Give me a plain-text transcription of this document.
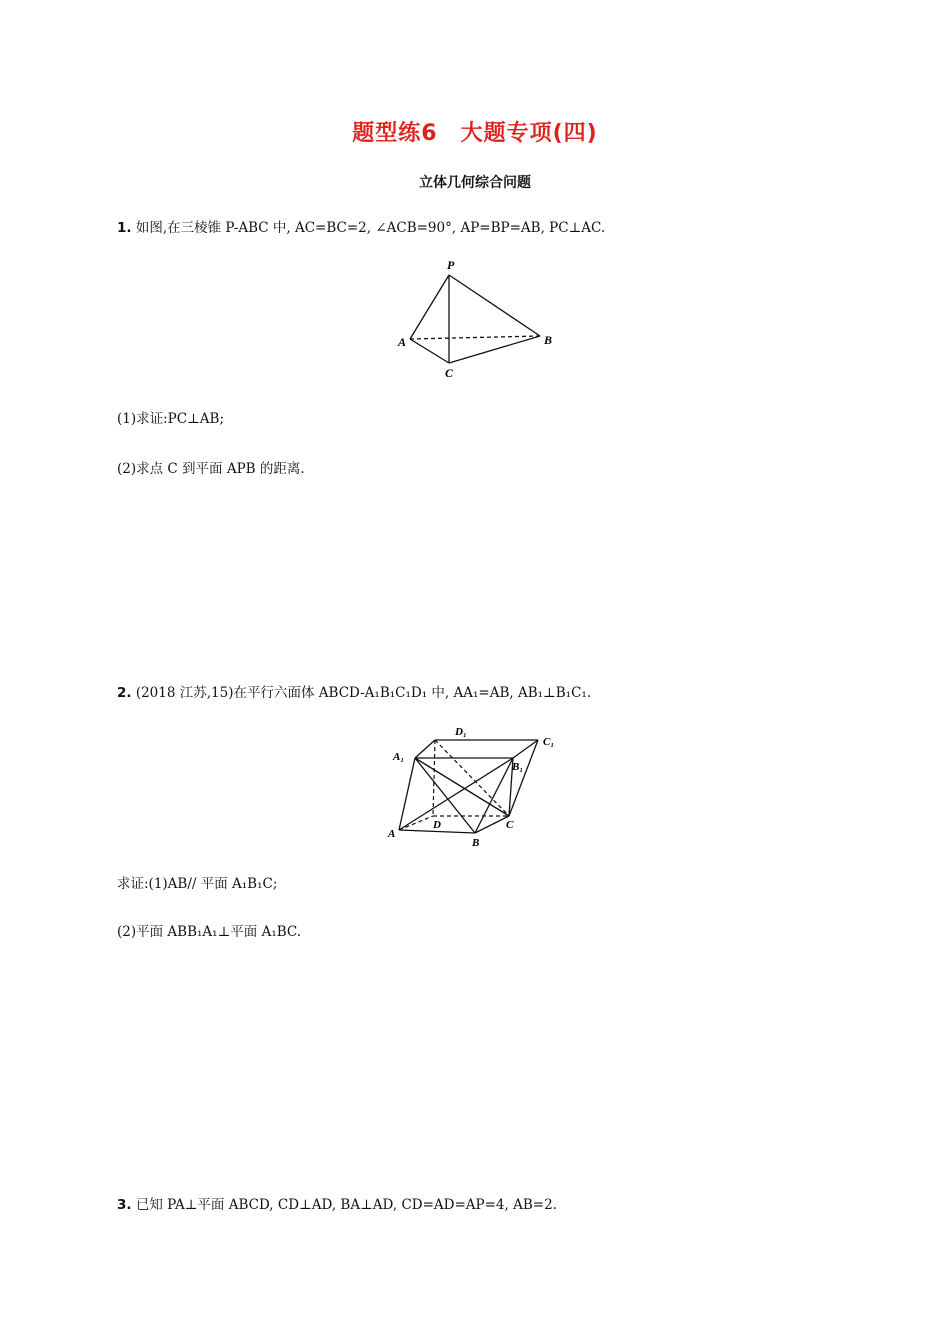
题型练6　大题专项(四)
立体几何综合问题
1. 如图,在三棱锥 P-ABC 中, AC=BC=2, ∠ACB=90°, AP=BP=AB, PC⊥AC.
P
A	B
C
(1)求证:PC⊥AB;
(2)求点 C 到平面 APB 的距离.
2. (2018 江苏,15)在平行六面体 ABCD-A₁B₁C₁D₁ 中, AA₁=AB, AB₁⊥B₁C₁.
D₁
C₁
A₁
B₁
D	C
A
B
求证:(1)AB// 平面 A₁B₁C;
(2)平面 ABB₁A₁⊥平面 A₁BC.
3. 已知 PA⊥平面 ABCD, CD⊥AD, BA⊥AD, CD=AD=AP=4, AB=2.
